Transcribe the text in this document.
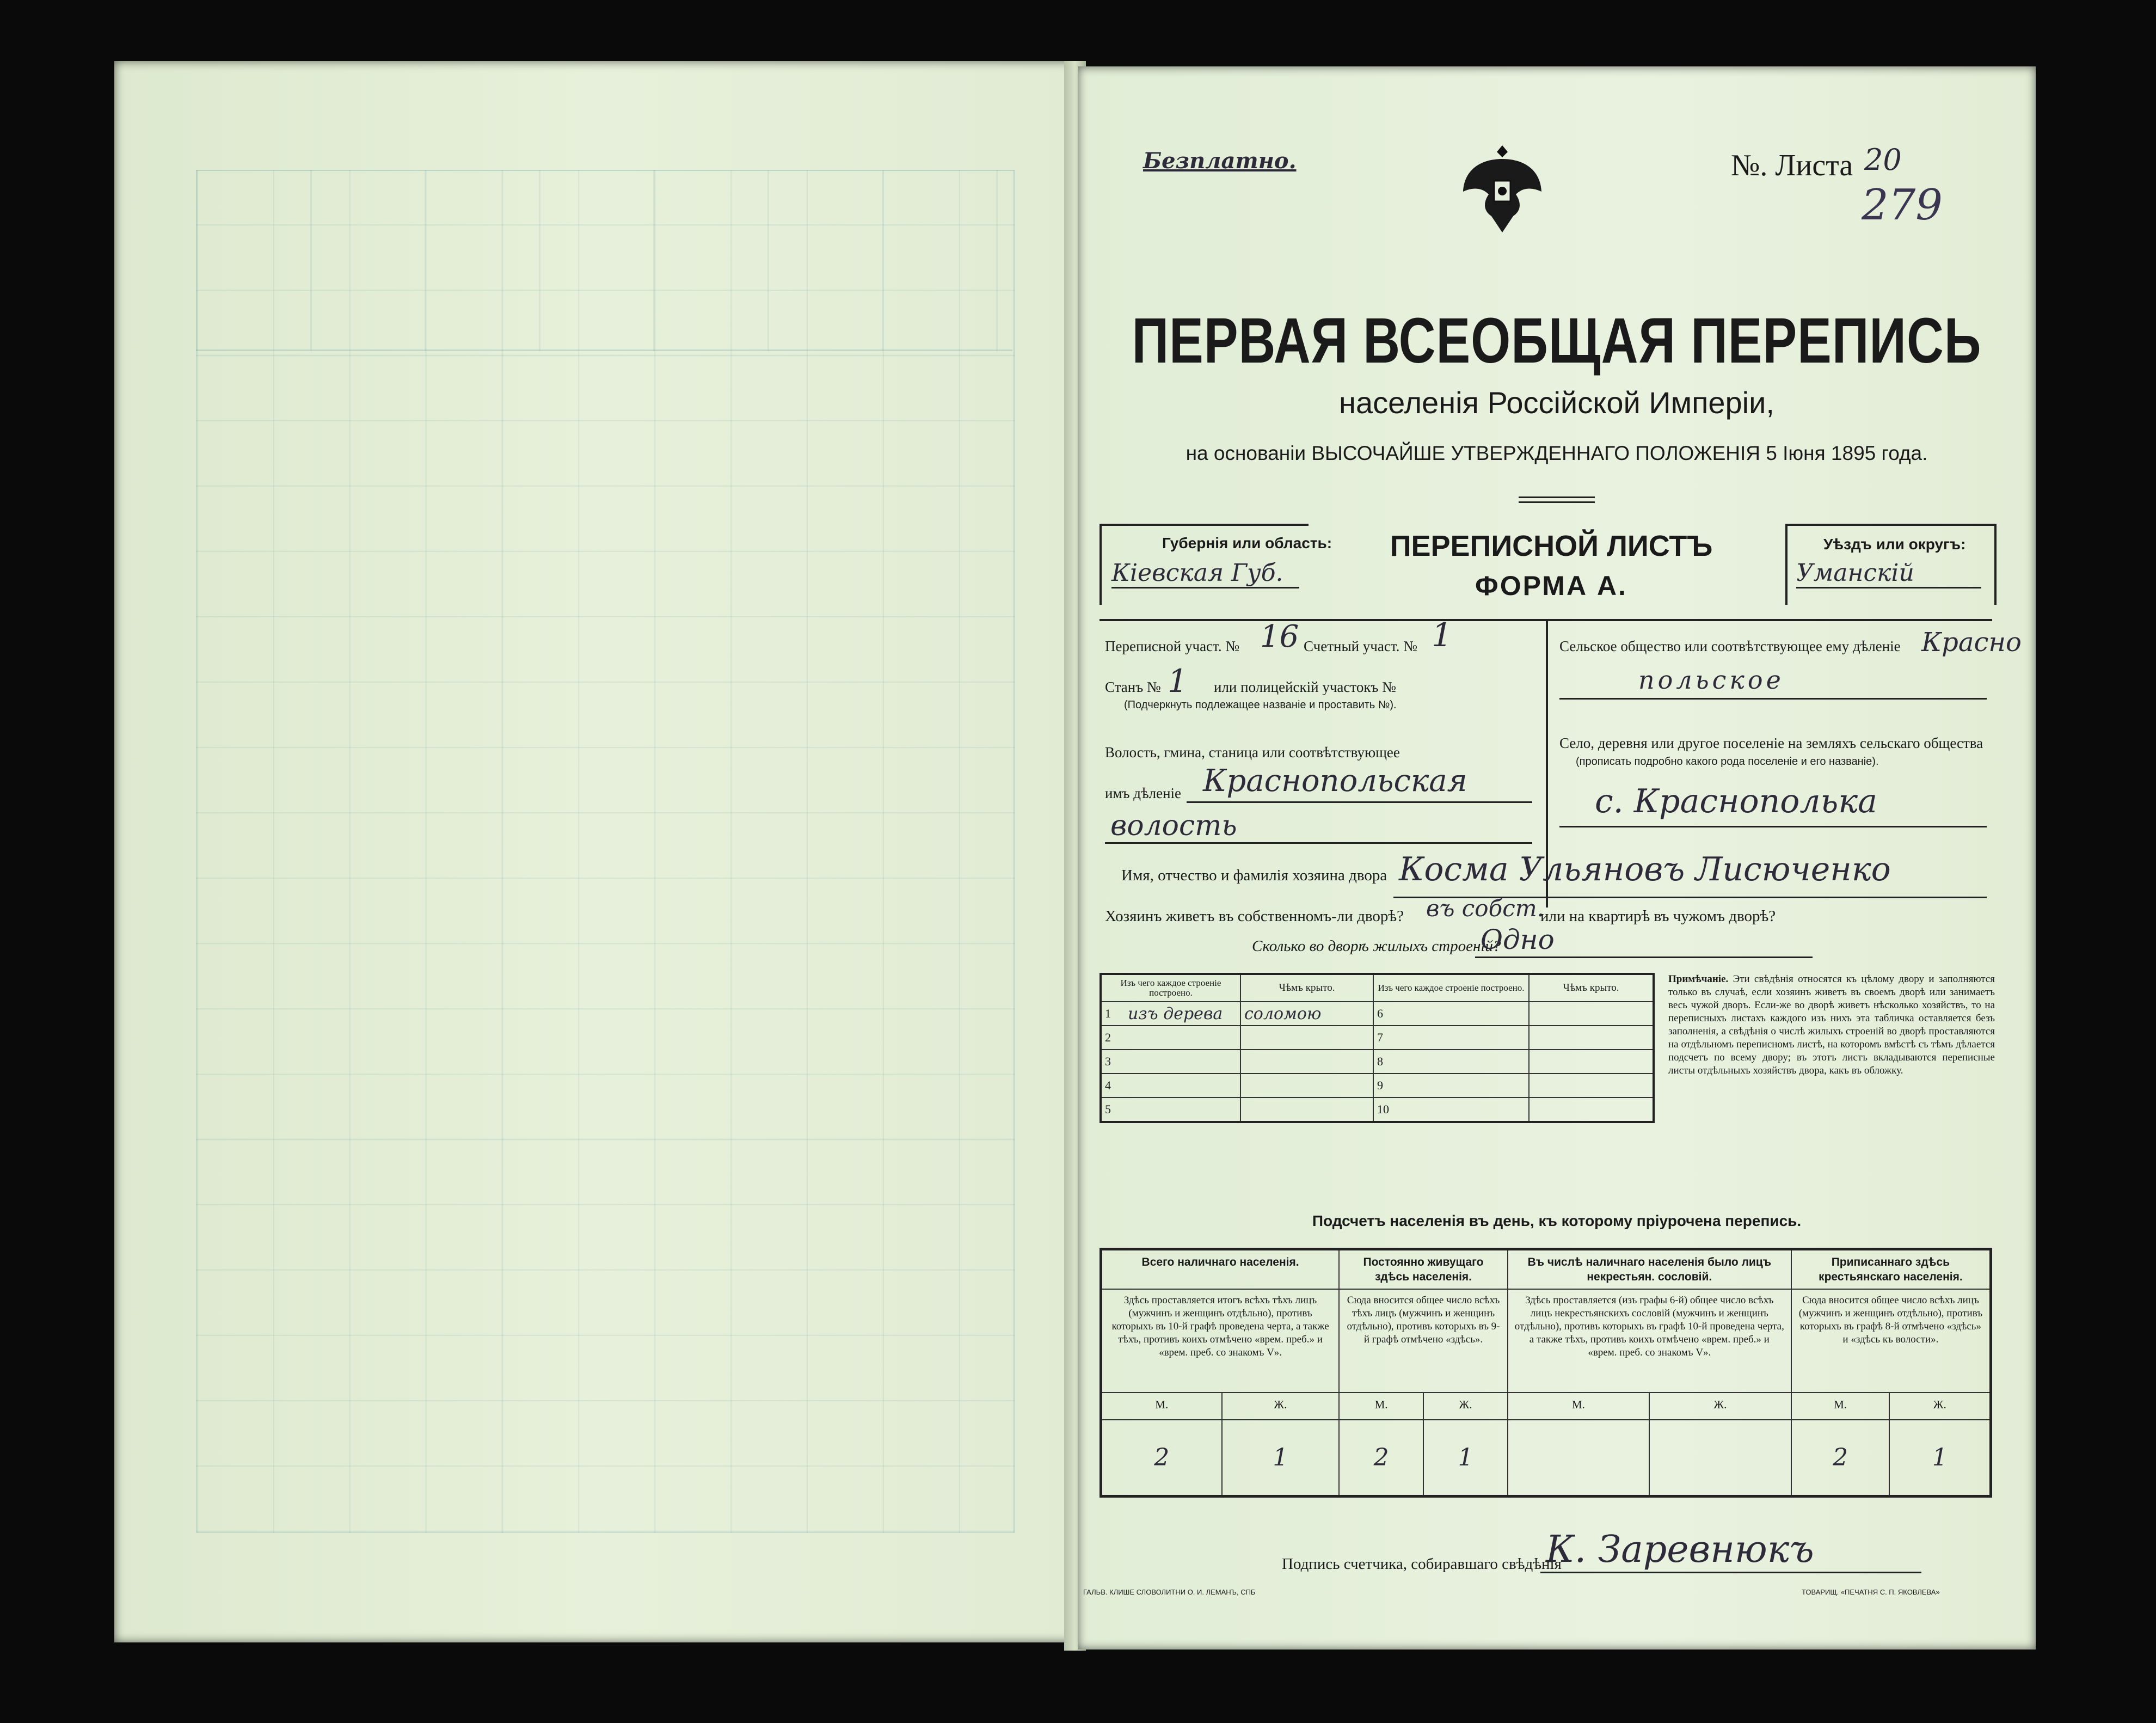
Безплатно.	№. Листа 20
279
ПЕРВАЯ ВСЕОБЩАЯ ПЕРЕПИСЬ
населенія Россійской Имперіи,
на основаніи ВЫСОЧАЙШЕ УТВЕРЖДЕННАГО ПОЛОЖЕНІЯ 5 Іюня 1895 года.
Губернія или область:
Кіевская Губ.
ПЕРЕПИСНОЙ ЛИСТЪ
ФОРМА А.
Уѣздъ или округъ:
Уманскій
Переписной участ. № 16 Счетный участ. № 1
Станъ № 1 или полицейскій участокъ №
(Подчеркнуть подлежащее названіе и проставить №).
Волость, гмина, станица или соотвѣтствующее
имъ дѣленіе Краснопольская
волость
Сельское общество или соотвѣтствующее ему дѣленіе Красно
польское
Село, деревня или другое поселеніе на земляхъ сельскаго общества
(прописать подробно какого рода поселеніе и его названіе).
с. Краснополька
Имя, отчество и фамилія хозяина двора Косма Ульяновъ Лисюченко
Хозяинъ живетъ въ собственномъ-ли дворѣ? въ собст.
или на квартирѣ въ чужомъ дворѣ?
Сколько во дворѣ жилыхъ строеній?
Одно
Изъ чего каждое строеніе построено.		Чѣмъ крыто.	Изъ чего каждое строеніе построено.		Чѣмъ крыто.
1	изъ дерева	соломою	6		
2			7		
3			8		
4			9		
5			10		
Примѣчаніе. Эти свѣдѣнія относятся къ цѣлому двору и заполняются только въ случаѣ, если хозяинъ живетъ въ своемъ дворѣ или занимаетъ весь чужой дворъ. Если-же во дворѣ живетъ нѣсколько хозяйствъ, то на переписныхъ листахъ каждого изъ нихъ эта табличка оставляется безъ заполненія, а свѣдѣнія о числѣ жилыхъ строеній во дворѣ проставляются на отдѣльномъ переписномъ листѣ, на которомъ вмѣстѣ съ тѣмъ дѣлается подсчетъ по всему двору; въ этотъ листъ вкладываются переписные листы отдѣльныхъ хозяйствъ двора, какъ въ обложку.
Подсчетъ населенія въ день, къ которому пріурочена перепись.
Всего наличнаго населенія.		Постоянно живущаго здѣсь населенія.		Въ числѣ наличнаго населенія было лицъ некрестьян. сословій.		Приписаннаго здѣсь крестьянскаго населенія.	
Здѣсь проставляется итогъ всѣхъ тѣхъ лицъ (мужчинъ и женщинъ отдѣльно), противъ которыхъ въ 10-й графѣ проведена черта, а также тѣхъ, противъ коихъ отмѣчено «врем. преб.» и «врем. преб. со знакомъ V».		Сюда вносится общее число всѣхъ тѣхъ лицъ (мужчинъ и женщинъ отдѣльно), противъ которыхъ въ 9-й графѣ отмѣчено «здѣсь».		Здѣсь проставляется (изъ графы 6-й) общее число всѣхъ лицъ некрестьянскихъ сословій (мужчинъ и женщинъ отдѣльно), противъ которыхъ въ графѣ 10-й проведена черта, а также тѣхъ, противъ коихъ отмѣчено «врем. преб.» и «врем. преб. со знакомъ V».		Сюда вносится общее число всѣхъ лицъ (мужчинъ и женщинъ отдѣльно), противъ которыхъ въ графѣ 8-й отмѣчено «здѣсь» и «здѣсь къ волости».	
М.	Ж.	М.	Ж.	М.	Ж.	М.	Ж.
2	1	2	1			2	1
Подпись счетчика, собиравшаго свѣдѣнія
К. Заревнюкъ
ГАЛЬВ. КЛИШЕ СЛОВОЛИТНИ О. И. ЛЕМАНЪ, СПБ	ТОВАРИЩ. «ПЕЧАТНЯ С. П. ЯКОВЛЕВА»
